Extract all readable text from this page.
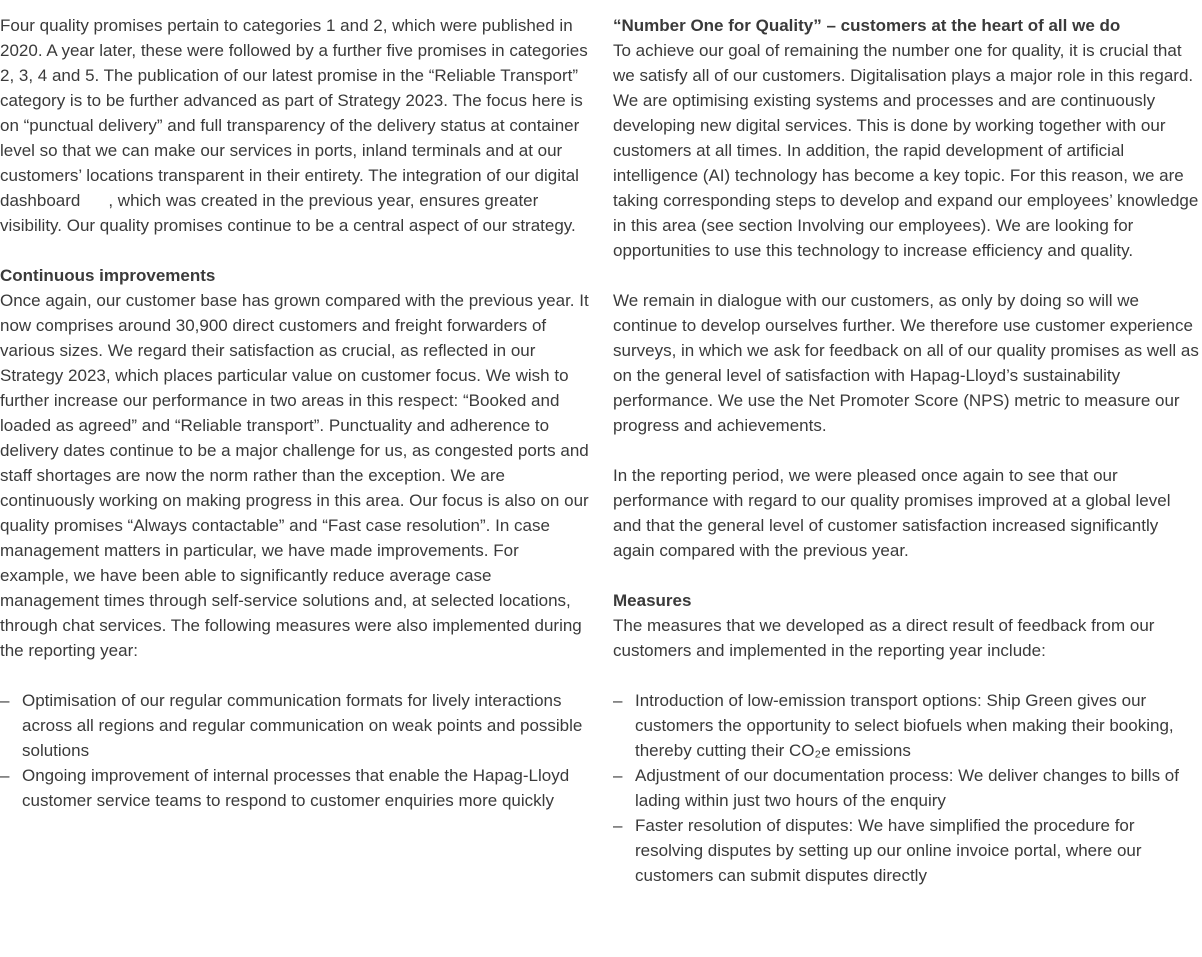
Four quality promises pertain to categories 1 and 2, which were published in 2020. A year later, these were followed by a further five promises in categories 2, 3, 4 and 5. The publication of our latest promise in the “Reliable Transport” category is to be further advanced as part of Strategy 2023. The focus here is on “punctual delivery” and full transparency of the delivery status at container level so that we can make our services in ports, inland terminals and at our customers’ locations transparent in their entirety. The integration of our digital dashboard , which was created in the previous year, ensures greater visibility. Our quality promises continue to be a central aspect of our strategy.

Continuous improvements

Once again, our customer base has grown compared with the previous year. It now comprises around 30,900 direct customers and freight forwarders of various sizes. We regard their satisfaction as crucial, as reflected in our Strategy 2023, which places particular value on customer focus. We wish to further increase our performance in two areas in this respect: “Booked and loaded as agreed” and “Reliable transport”. Punctuality and adherence to delivery dates continue to be a major challenge for us, as congested ports and staff shortages are now the norm rather than the exception. We are continuously working on making progress in this area. Our focus is also on our quality promises “Always contactable” and “Fast case resolution”. In case management matters in particular, we have made improvements. For example, we have been able to significantly reduce average case management times through self-service solutions and, at selected locations, through chat services. The following measures were also implemented during the reporting year:

– Optimisation of our regular communication formats for lively interactions across all regions and regular communication on weak points and possible solutions
– Ongoing improvement of internal processes that enable the Hapag-Lloyd customer service teams to respond to customer enquiries more quickly
“Number One for Quality” – customers at the heart of all we do

To achieve our goal of remaining the number one for quality, it is crucial that we satisfy all of our customers. Digitalisation plays a major role in this regard. We are optimising existing systems and processes and are continuously developing new digital services. This is done by working together with our customers at all times. In addition, the rapid development of artificial intelligence (AI) technology has become a key topic. For this reason, we are taking corresponding steps to develop and expand our employees’ knowledge in this area (see section Involving our employees). We are looking for opportunities to use this technology to increase efficiency and quality.

We remain in dialogue with our customers, as only by doing so will we continue to develop ourselves further. We therefore use customer experience surveys, in which we ask for feedback on all of our quality promises as well as on the general level of satisfaction with Hapag-Lloyd’s sustainability performance. We use the Net Promoter Score (NPS) metric to measure our progress and achievements.

In the reporting period, we were pleased once again to see that our performance with regard to our quality promises improved at a global level and that the general level of customer satisfaction increased significantly again compared with the previous year.

Measures

The measures that we developed as a direct result of feedback from our customers and implemented in the reporting year include:

– Introduction of low-emission transport options: Ship Green gives our customers the opportunity to select biofuels when making their booking, thereby cutting their CO₂e emissions
– Adjustment of our documentation process: We deliver changes to bills of lading within just two hours of the enquiry
– Faster resolution of disputes: We have simplified the procedure for resolving disputes by setting up our online invoice portal, where our customers can submit disputes directly
